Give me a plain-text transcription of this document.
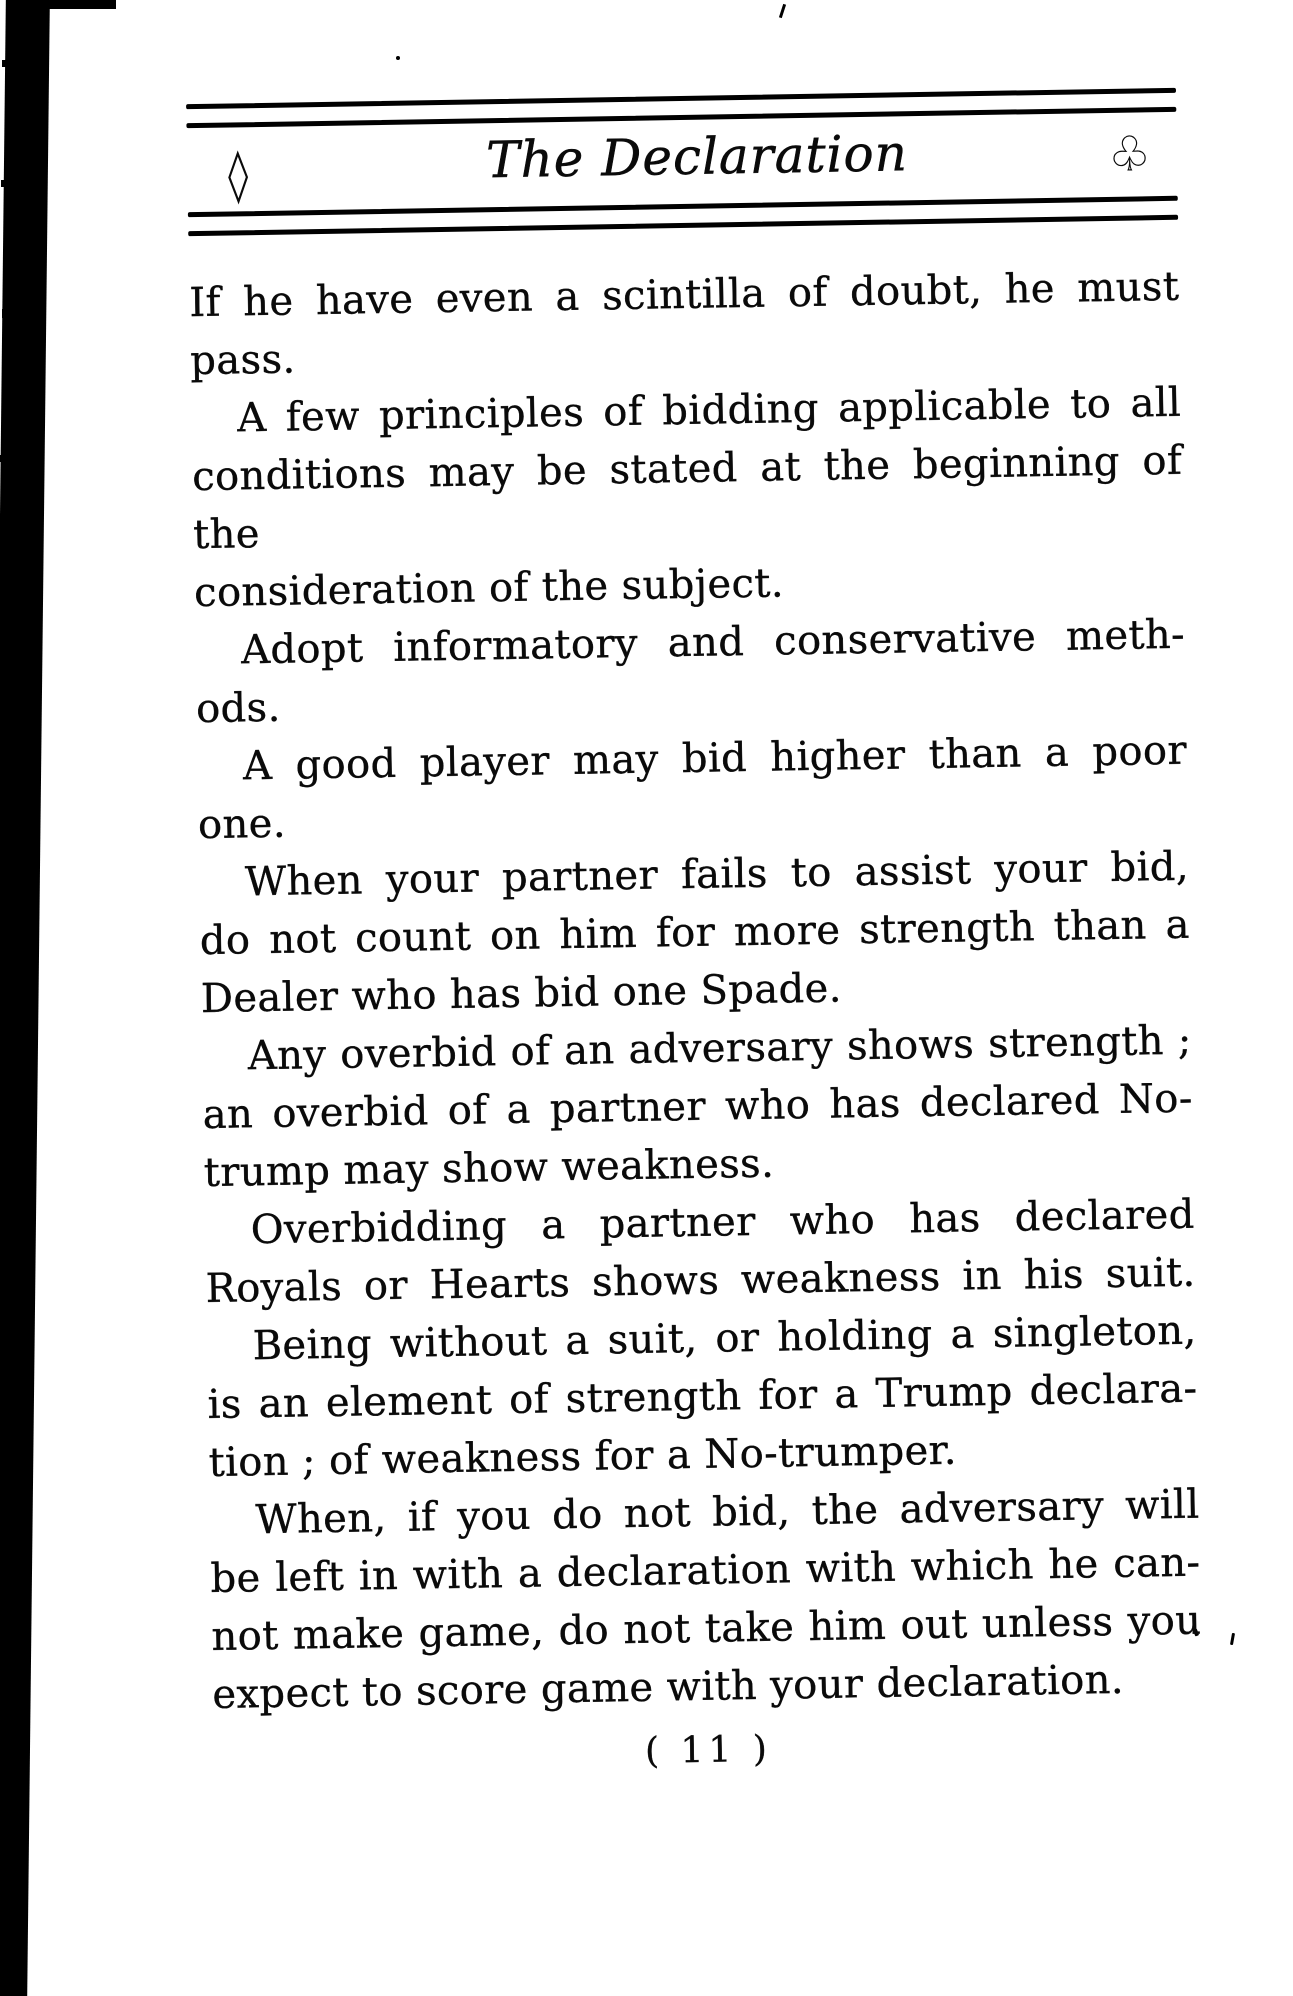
◊	The Declaration	♧
If he have even a scintilla of doubt, he must
pass.
A few principles of bidding applicable to all
conditions may be stated at the beginning of the
consideration of the subject.
Adopt informatory and conservative meth-
ods.
A good player may bid higher than a poor
one.
When your partner fails to assist your bid,
do not count on him for more strength than a
Dealer who has bid one Spade.
Any overbid of an adversary shows strength ;
an overbid of a partner who has declared No-
trump may show weakness.
Overbidding a partner who has declared
Royals or Hearts shows weakness in his suit.
Being without a suit, or holding a singleton,
is an element of strength for a Trump declara-
tion ; of weakness for a No-trumper.
When, if you do not bid, the adversary will
be left in with a declaration with which he can-
not make game, do not take him out unless you
expect to score game with your declaration.
( 11 )
